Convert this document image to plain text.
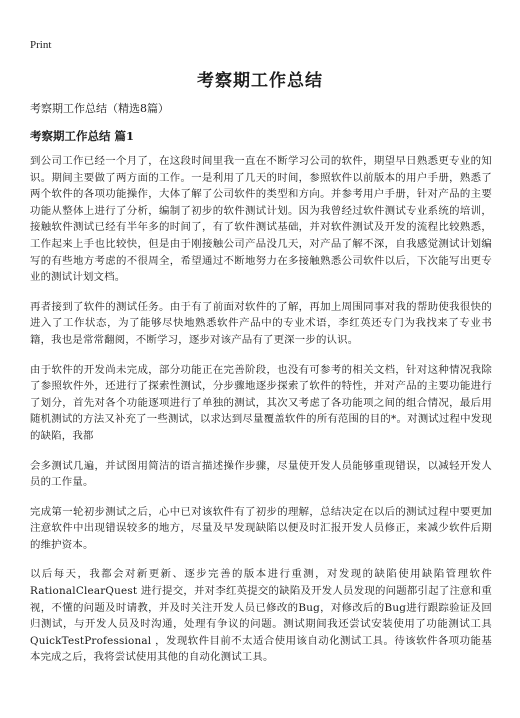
Print
考察期工作总结
考察期工作总结（精选8篇）
考察期工作总结 篇1

到公司工作已经一个月了，在这段时间里我一直在不断学习公司的软件，期望早日熟悉更专业的知识。期间主要做了两方面的工作。一是利用了几天的时间，参照软件以前版本的用户手册，熟悉了两个软件的各项功能操作，大体了解了公司软件的类型和方向。并参考用户手册，针对产品的主要功能从整体上进行了分析，编制了初步的软件测试计划。因为我曾经过软件测试专业系统的培训，接触软件测试已经有半年多的时间了，有了软件测试基础，并对软件测试及开发的流程比较熟悉，工作起来上手也比较快，但是由于刚接触公司产品没几天，对产品了解不深，自我感觉测试计划编写的有些地方考虑的不很周全，希望通过不断地努力在多接触熟悉公司软件以后，下次能写出更专业的测试计划文档。

再者接到了软件的测试任务。由于有了前面对软件的了解，再加上周围同事对我的帮助使我很快的进入了工作状态，为了能够尽快地熟悉软件产品中的专业术语，李红英还专门为我找来了专业书籍，我也是常常翻阅，不断学习，逐步对该产品有了更深一步的认识。

由于软件的开发尚未完成，部分功能正在完善阶段，也没有可参考的相关文档，针对这种情况我除了参照软件外，还进行了探索性测试，分步骤地逐步探索了软件的特性，并对产品的主要功能进行了划分，首先对各个功能逐项进行了单独的测试，其次又考虑了各功能项之间的组合情况，最后用随机测试的方法又补充了一些测试，以求达到尽量覆盖软件的所有范围的目的*。对测试过程中发现的缺陷，我都

会多测试几遍，并试图用简洁的语言描述操作步骤，尽量使开发人员能够重现错误，以减轻开发人员的工作量。

完成第一轮初步测试之后，心中已对该软件有了初步的理解，总结决定在以后的测试过程中要更加注意软件中出现错误较多的地方，尽量及早发现缺陷以便及时汇报开发人员修正，来减少软件后期的维护资本。

以后每天，我都会对新更新、逐步完善的版本进行重测，对发现的缺陷使用缺陷管理软件RationalClearQuest 进行提交，并对李红英提交的缺陷及开发人员发现的问题都引起了注意和重视，不懂的问题及时请教，并及时关注开发人员已修改的Bug，对修改后的Bug进行跟踪验证及回归测试，与开发人员及时沟通，处理有争议的问题。测试期间我还尝试安装使用了功能测试工具QuickTestProfessional ，发现软件目前不太适合使用该自动化测试工具。待该软件各项功能基本完成之后，我将尝试使用其他的自动化测试工具。
